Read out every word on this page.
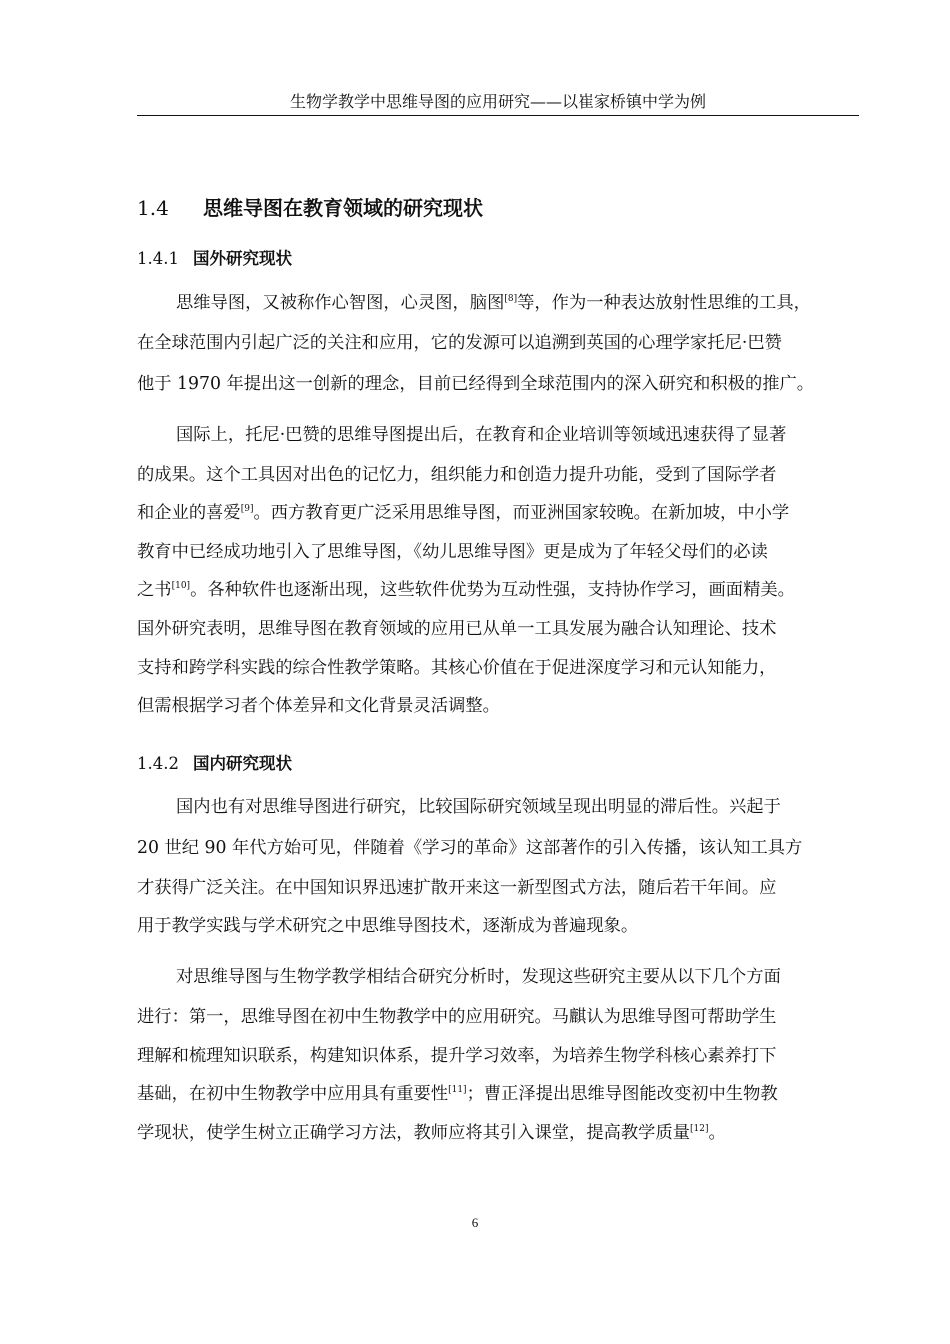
生物学教学中思维导图的应用研究——以崔家桥镇中学为例
1.4 思维导图在教育领域的研究现状
1.4.1 国外研究现状
思维导图，又被称作心智图，心灵图，脑图[8]等，作为一种表达放射性思维的工具，
在全球范围内引起广泛的关注和应用，它的发源可以追溯到英国的心理学家托尼·巴赞
他于 1970 年提出这一创新的理念，目前已经得到全球范围内的深入研究和积极的推广。
国际上，托尼·巴赞的思维导图提出后，在教育和企业培训等领域迅速获得了显著
的成果。这个工具因对出色的记忆力，组织能力和创造力提升功能，受到了国际学者
和企业的喜爱[9]。西方教育更广泛采用思维导图，而亚洲国家较晚。在新加坡，中小学
教育中已经成功地引入了思维导图，《幼儿思维导图》更是成为了年轻父母们的必读
之书[10]。各种软件也逐渐出现，这些软件优势为互动性强，支持协作学习，画面精美。
国外研究表明，思维导图在教育领域的应用已从单一工具发展为融合认知理论、技术
支持和跨学科实践的综合性教学策略。其核心价值在于促进深度学习和元认知能力，
但需根据学习者个体差异和文化背景灵活调整。
1.4.2 国内研究现状
国内也有对思维导图进行研究，比较国际研究领域呈现出明显的滞后性。兴起于
20 世纪 90 年代方始可见，伴随着《学习的革命》这部著作的引入传播，该认知工具方
才获得广泛关注。在中国知识界迅速扩散开来这一新型图式方法，随后若干年间。应
用于教学实践与学术研究之中思维导图技术，逐渐成为普遍现象。
对思维导图与生物学教学相结合研究分析时，发现这些研究主要从以下几个方面
进行：第一，思维导图在初中生物教学中的应用研究。马麒认为思维导图可帮助学生
理解和梳理知识联系，构建知识体系，提升学习效率，为培养生物学科核心素养打下
基础，在初中生物教学中应用具有重要性[11]；曹正泽提出思维导图能改变初中生物教
学现状，使学生树立正确学习方法，教师应将其引入课堂，提高教学质量[12]。
6
